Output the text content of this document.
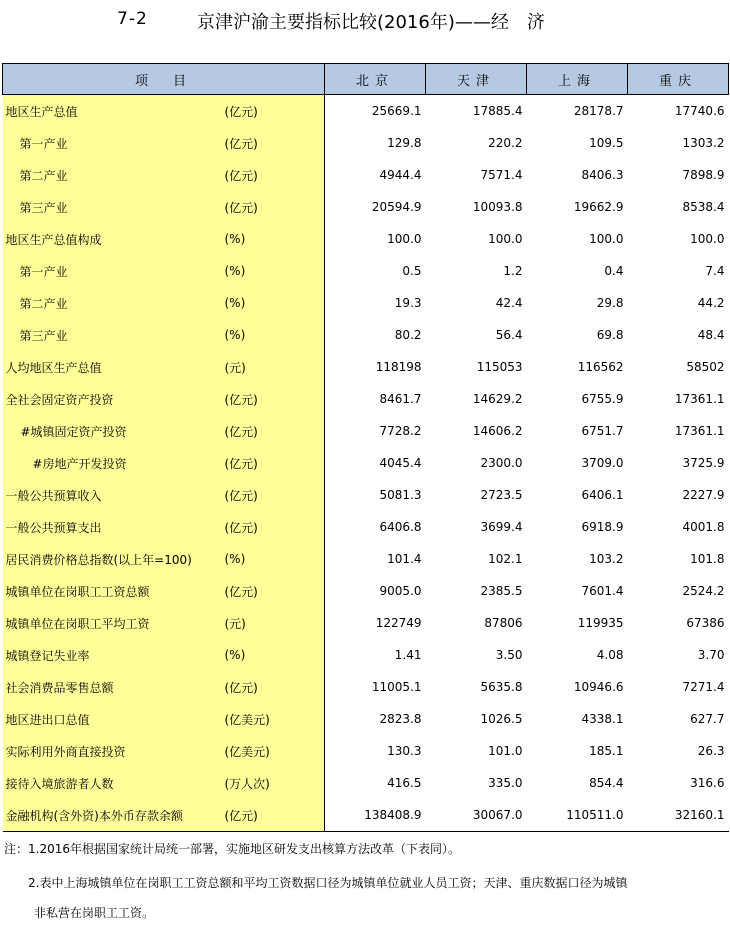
7-2	京津沪渝主要指标比较(2016年)——经　济
项　目		北京	天津	上海	重庆
地区生产总值	(亿元)	25669.1	17885.4	28178.7	17740.6
第一产业	(亿元)	129.8	220.2	109.5	1303.2
第二产业	(亿元)	4944.4	7571.4	8406.3	7898.9
第三产业	(亿元)	20594.9	10093.8	19662.9	8538.4
地区生产总值构成	(%)	100.0	100.0	100.0	100.0
第一产业	(%)	0.5	1.2	0.4	7.4
第二产业	(%)	19.3	42.4	29.8	44.2
第三产业	(%)	80.2	56.4	69.8	48.4
人均地区生产总值	(元)	118198	115053	116562	58502
全社会固定资产投资	(亿元)	8461.7	14629.2	6755.9	17361.1
#城镇固定资产投资	(亿元)	7728.2	14606.2	6751.7	17361.1
#房地产开发投资	(亿元)	4045.4	2300.0	3709.0	3725.9
一般公共预算收入	(亿元)	5081.3	2723.5	6406.1	2227.9
一般公共预算支出	(亿元)	6406.8	3699.4	6918.9	4001.8
居民消费价格总指数(以上年=100)	(%)	101.4	102.1	103.2	101.8
城镇单位在岗职工工资总额	(亿元)	9005.0	2385.5	7601.4	2524.2
城镇单位在岗职工平均工资	(元)	122749	87806	119935	67386
城镇登记失业率	(%)	1.41	3.50	4.08	3.70
社会消费品零售总额	(亿元)	11005.1	5635.8	10946.6	7271.4
地区进出口总值	(亿美元)	2823.8	1026.5	4338.1	627.7
实际利用外商直接投资	(亿美元)	130.3	101.0	185.1	26.3
接待入境旅游者人数	(万人次)	416.5	335.0	854.4	316.6
金融机构(含外资)本外币存款余额	(亿元)	138408.9	30067.0	110511.0	32160.1
注：1.2016年根据国家统计局统一部署，实施地区研发支出核算方法改革（下表同）。
2.表中上海城镇单位在岗职工工资总额和平均工资数据口径为城镇单位就业人员工资；天津、重庆数据口径为城镇
非私营在岗职工工资。
